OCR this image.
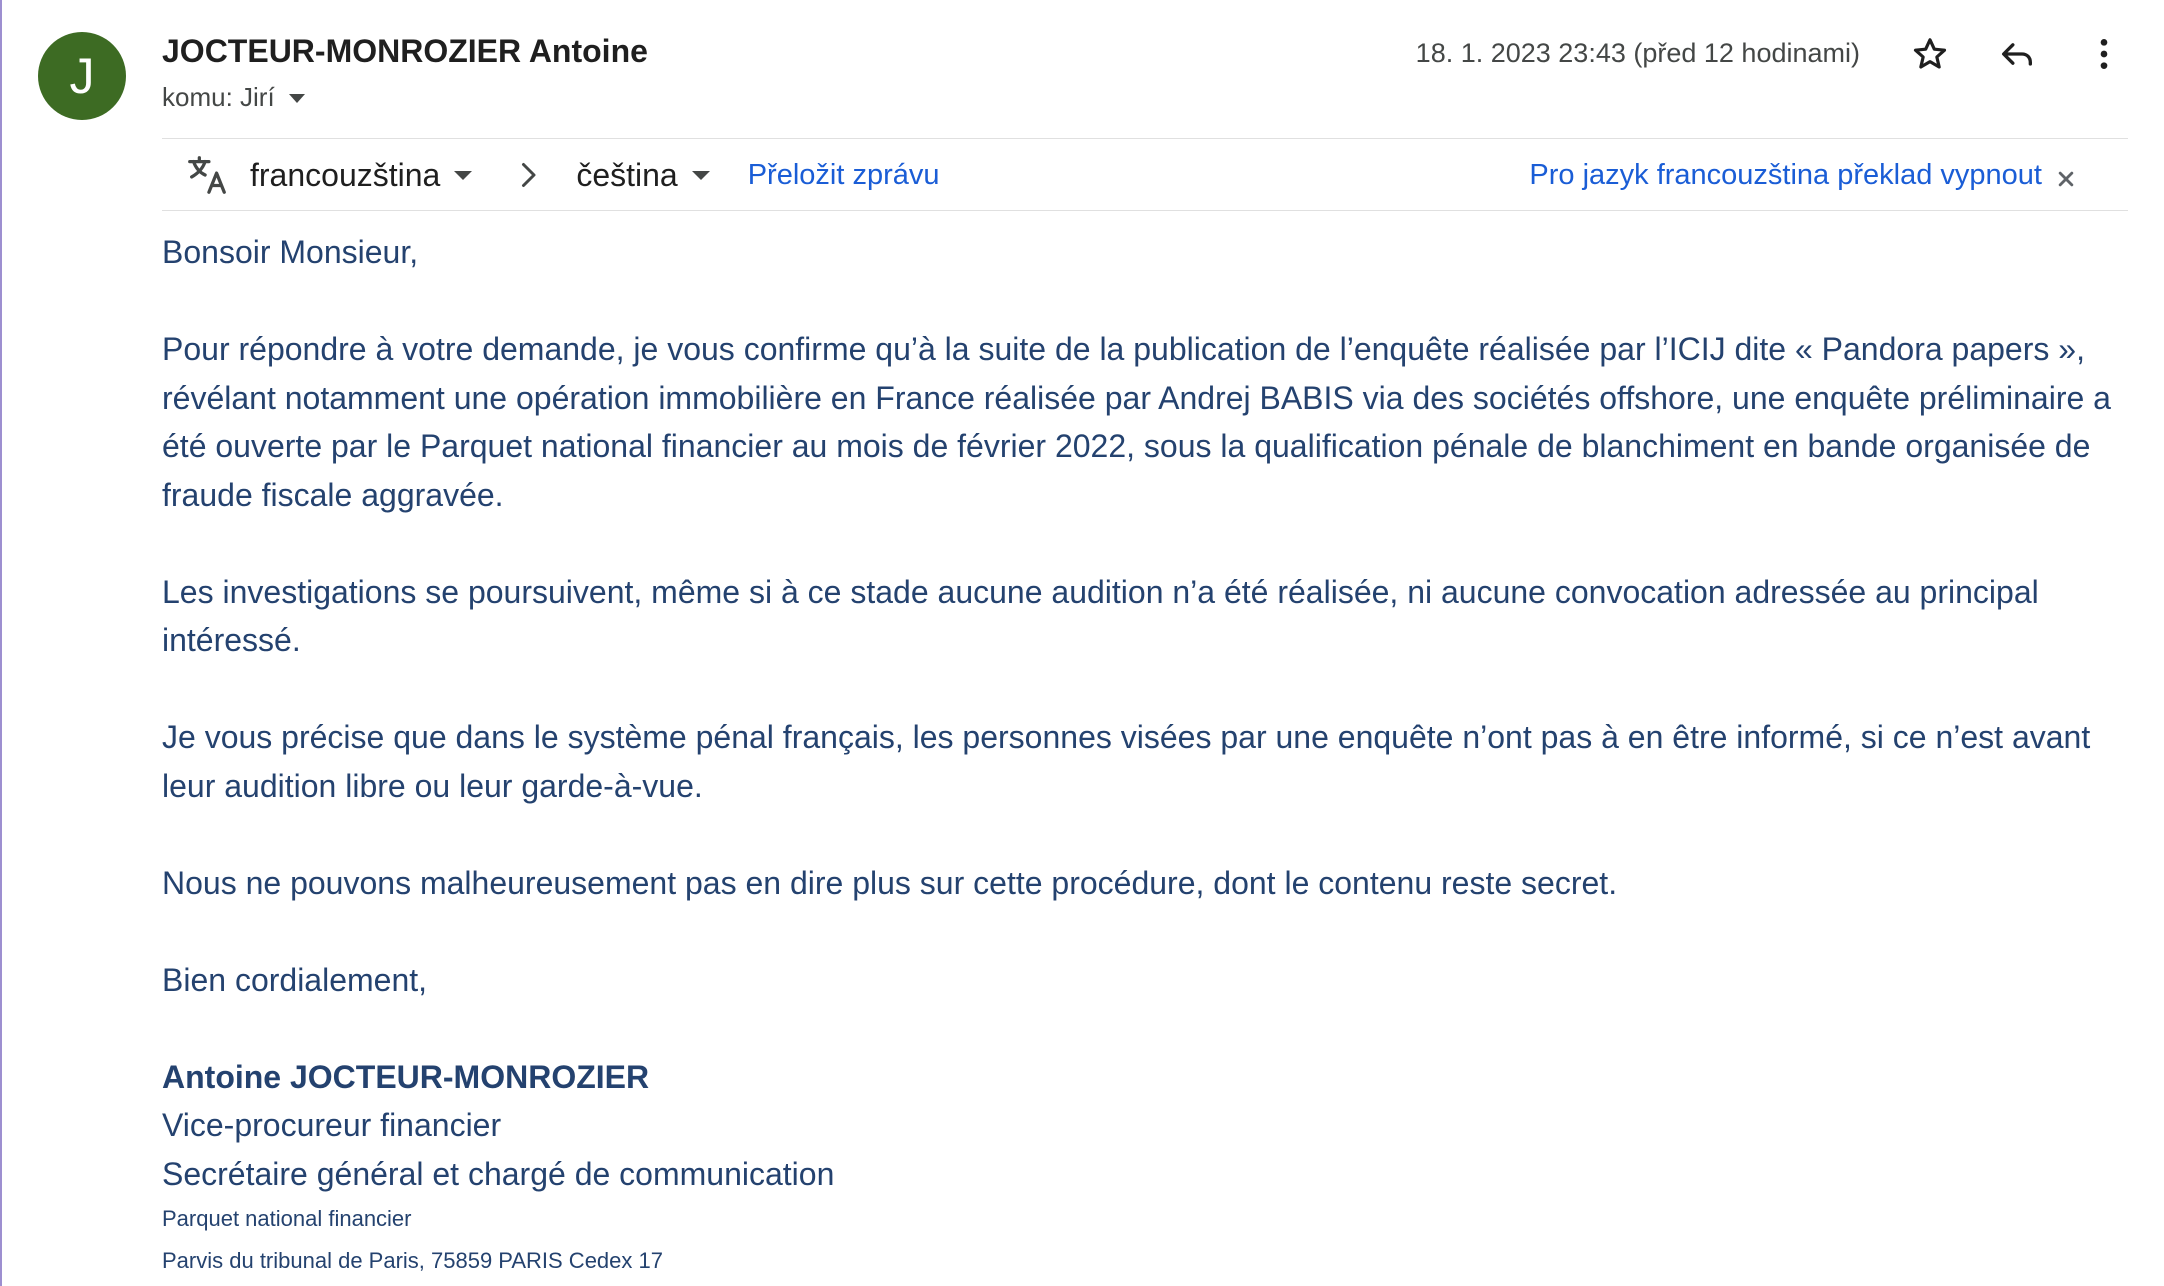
J	JOCTEUR-MONROZIER Antoine
komu: Jirí
18. 1. 2023 23:43 (před 12 hodinami)
francouzština	čeština Přeložit zprávu	Pro jazyk francouzština překlad vypnout

Bonsoir Monsieur,

Pour répondre à votre demande, je vous confirme qu’à la suite de la publication de l’enquête réalisée par l’ICIJ dite « Pandora papers », révélant notamment une opération immobilière en France réalisée par Andrej BABIS via des sociétés offshore, une enquête préliminaire a été ouverte par le Parquet national financier au mois de février 2022, sous la qualification pénale de blanchiment en bande organisée de fraude fiscale aggravée.

Les investigations se poursuivent, même si à ce stade aucune audition n’a été réalisée, ni aucune convocation adressée au principal intéressé.

Je vous précise que dans le système pénal français, les personnes visées par une enquête n’ont pas à en être informé, si ce n’est avant leur audition libre ou leur garde-à-vue.

Nous ne pouvons malheureusement pas en dire plus sur cette procédure, dont le contenu reste secret.

Bien cordialement,

Antoine JOCTEUR-MONROZIER
Vice-procureur financier
Secrétaire général et chargé de communication
Parquet national financier
Parvis du tribunal de Paris, 75859 PARIS Cedex 17
